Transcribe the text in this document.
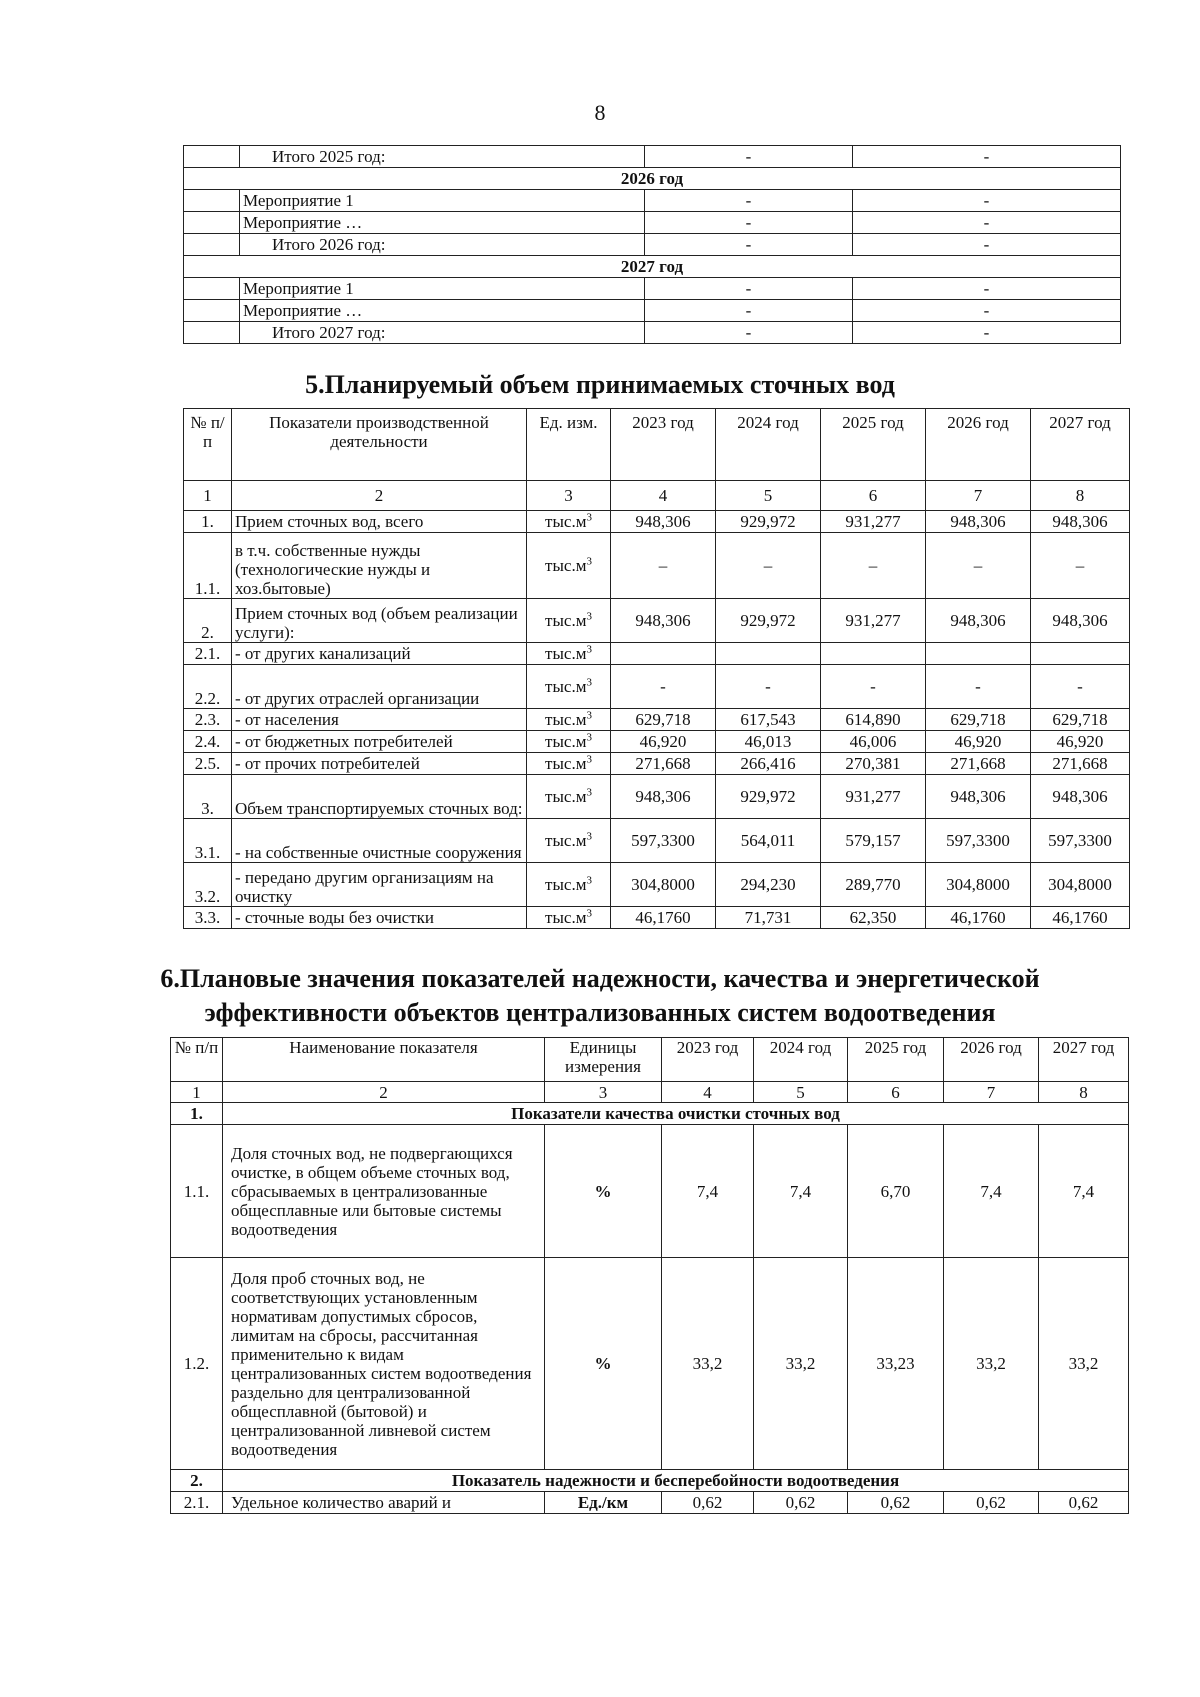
8
	Итого 2025 год:	-	-
2026 год			
	Мероприятие 1	-	-
	Мероприятие …	-	-
	Итого 2026 год:	-	-
2027 год			
	Мероприятие 1	-	-
	Мероприятие …	-	-
	Итого 2027 год:	-	-
5.Планируемый объем принимаемых сточных вод
№ п/п	Показатели производственной деятельности	Ед. изм.	2023 год	2024 год	2025 год	2026 год	2027 год
1	2	3	4	5	6	7	8
1.	Прием сточных вод, всего	$тыс.м^3$	948,306	929,972	931,277	948,306	948,306
1.1.	в т.ч. собственные нужды (технологические нужды и хоз.бытовые)	$тыс.м^3$	–	–	–	–	–
2.	Прием сточных вод (объем реализации услуги):	$тыс.м^3$	948,306	929,972	931,277	948,306	948,306
2.1.	- от других канализаций	$тыс.м^3$					
2.2.	- от других отраслей организации	$тыс.м^3$	-	-	-	-	-
2.3.	- от населения	$тыс.м^3$	629,718	617,543	614,890	629,718	629,718
2.4.	- от бюджетных потребителей	$тыс.м^3$	46,920	46,013	46,006	46,920	46,920
2.5.	- от прочих потребителей	$тыс.м^3$	271,668	266,416	270,381	271,668	271,668
3.	Объем транспортируемых сточных вод:	$тыс.м^3$	948,306	929,972	931,277	948,306	948,306
3.1.	- на собственные очистные сооружения	$тыс.м^3$	597,3300	564,011	579,157	597,3300	597,3300
3.2.	- передано другим организациям на очистку	$тыс.м^3$	304,8000	294,230	289,770	304,8000	304,8000
3.3.	- сточные воды без очистки	$тыс.м^3$	46,1760	71,731	62,350	46,1760	46,1760
6.Плановые значения показателей надежности, качества и энергетической
эффективности объектов централизованных систем водоотведения
№ п/п	Наименование показателя	Единицы измерения	2023 год	2024 год	2025 год	2026 год	2027 год
1	2	3	4	5	6	7	8
1.	Показатели качества очистки сточных вод						
1.1.	Доля сточных вод, не подвергающихся очистке, в общем объеме сточных вод, сбрасываемых в централизованные общесплавные или бытовые системы водоотведения	%	7,4	7,4	6,70	7,4	7,4
1.2.	Доля проб сточных вод, не соответствующих установленным нормативам допустимых сбросов, лимитам на сбросы, рассчитанная применительно к видам централизованных систем водоотведения раздельно для централизованной общесплавной (бытовой) и централизованной ливневой систем водоотведения	%	33,2	33,2	33,23	33,2	33,2
2.	Показатель надежности и бесперебойности водоотведения						
2.1.	Удельное количество аварий и	Ед./км	0,62	0,62	0,62	0,62	0,62
